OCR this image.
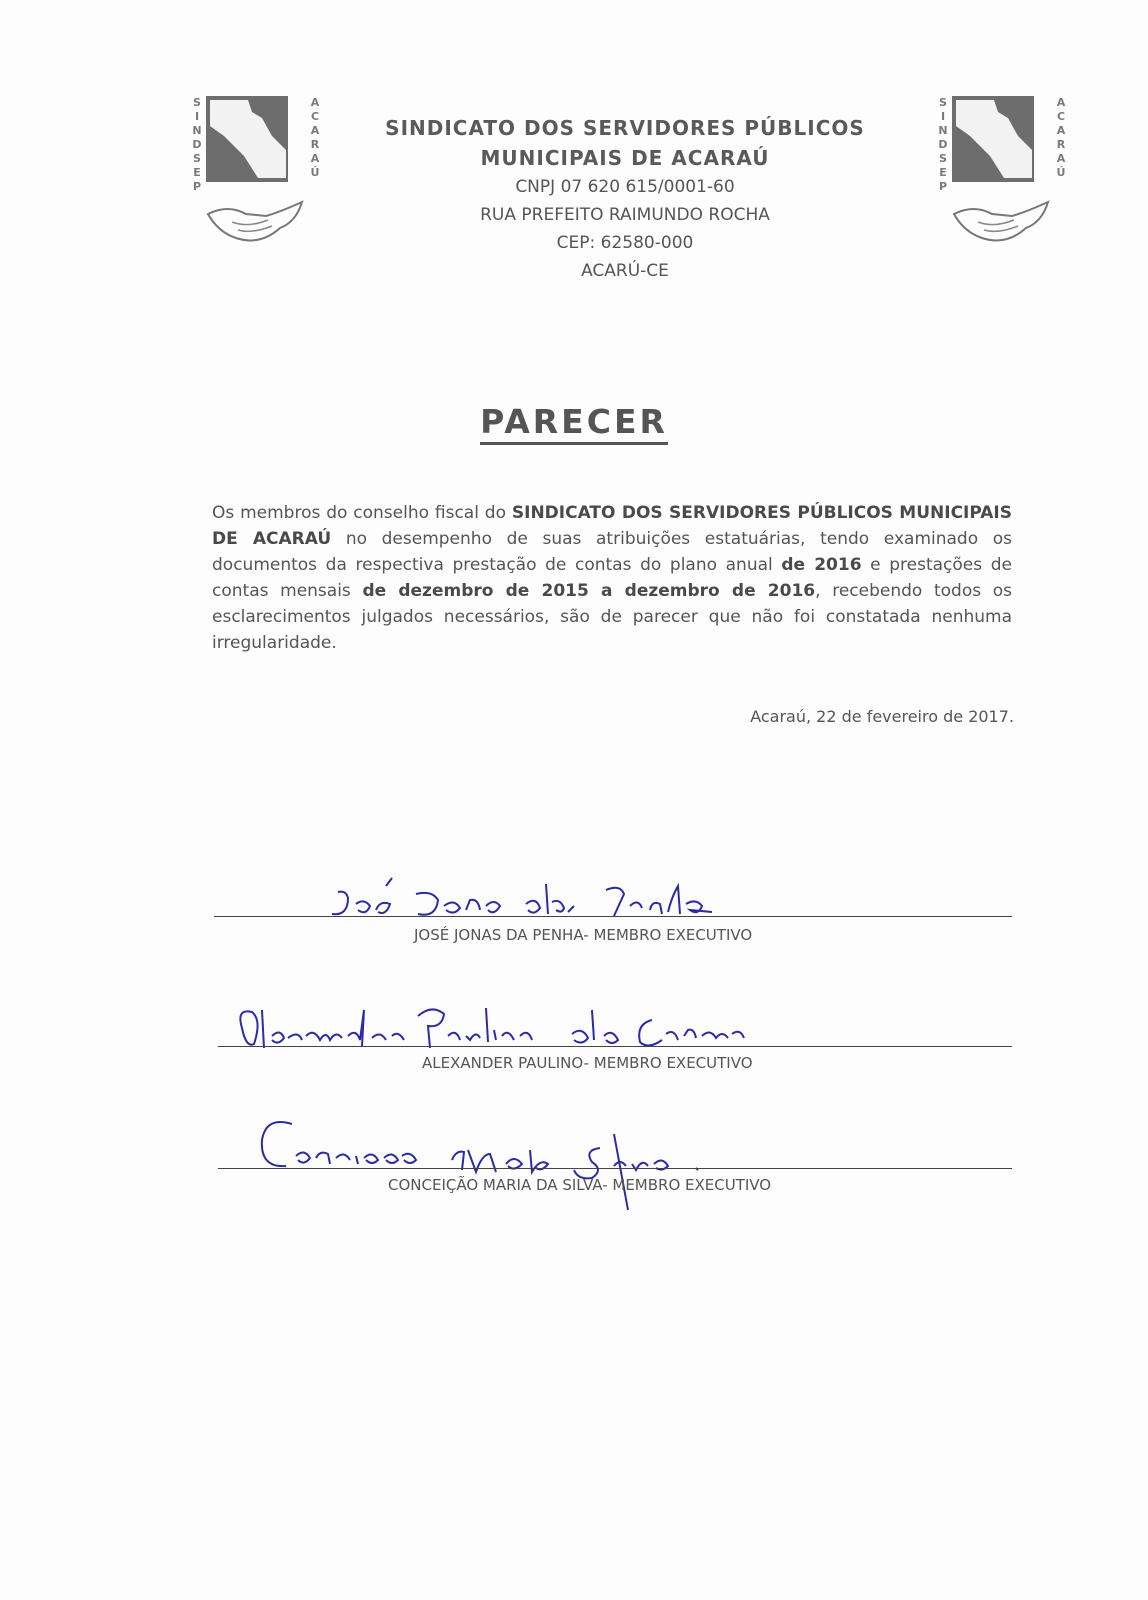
S
I
N
D
S
E
P
A
C
A
R
A
Ú
S
I
N
D
S
E
P
A
C
A
R
A
Ú
SINDICATO DOS SERVIDORES PÚBLICOS
MUNICIPAIS DE ACARAÚ
CNPJ 07 620 615/0001-60
RUA PREFEITO RAIMUNDO ROCHA
CEP: 62580-000
ACARÚ-CE
PARECER
Os membros do conselho fiscal do SINDICATO DOS SERVIDORES PÚBLICOS MUNICIPAIS DE ACARAÚ no desempenho de suas atribuições estatuárias, tendo examinado os documentos da respectiva prestação de contas do plano anual de 2016 e prestações de contas mensais de dezembro de 2015 a dezembro de 2016, recebendo todos os esclarecimentos julgados necessários, são de parecer que não foi constatada nenhuma irregularidade.
Acaraú, 22 de fevereiro de 2017.
JOSÉ JONAS DA PENHA- MEMBRO EXECUTIVO
ALEXANDER PAULINO- MEMBRO EXECUTIVO
CONCEIÇÃO MARIA DA SILVA- MEMBRO EXECUTIVO
